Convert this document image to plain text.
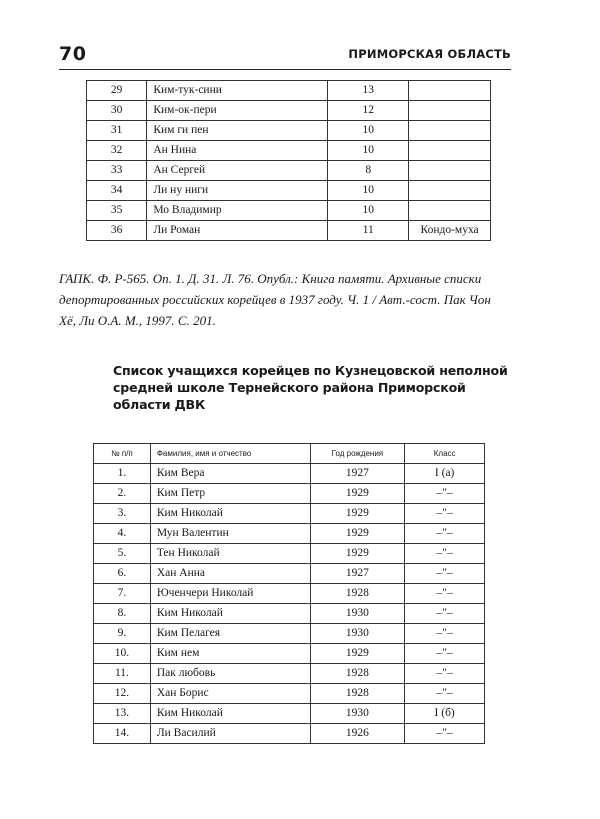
70	ПРИМОРСКАЯ ОБЛАСТЬ
29	Ким-тук-сини	13	
30	Ким-ок-пери	12	
31	Ким ги пен	10	
32	Ан Нина	10	
33	Ан Сергей	8	
34	Ли ну ниги	10	
35	Мо Владимир	10	
36	Ли Роман	11	Кондо-муха
ГАПК. Ф. Р-565. Оп. 1. Д. 31. Л. 76. Опубл.: Книга памяти. Архивные списки депортированных российских корейцев в 1937 году. Ч. 1 / Авт.-сост. Пак Чон Хё, Ли О.А. М., 1997. С. 201.
Список учащихся корейцев по Кузнецовской неполной средней школе Тернейского района Приморской области ДВК
№ п/п	Фамилия, имя и отчество	Год рождения	Класс
1.	Ким Вера	1927	I (а)
2.	Ким Петр	1929	–"–
3.	Ким Николай	1929	–"–
4.	Мун Валентин	1929	–"–
5.	Тен Николай	1929	–"–
6.	Хан Анна	1927	–"–
7.	Юченчери Николай	1928	–"–
8.	Ким Николай	1930	–"–
9.	Ким Пелагея	1930	–"–
10.	Ким нем	1929	–"–
11.	Пак любовь	1928	–"–
12.	Хан Борис	1928	–"–
13.	Ким Николай	1930	I (б)
14.	Ли Василий	1926	–"–
